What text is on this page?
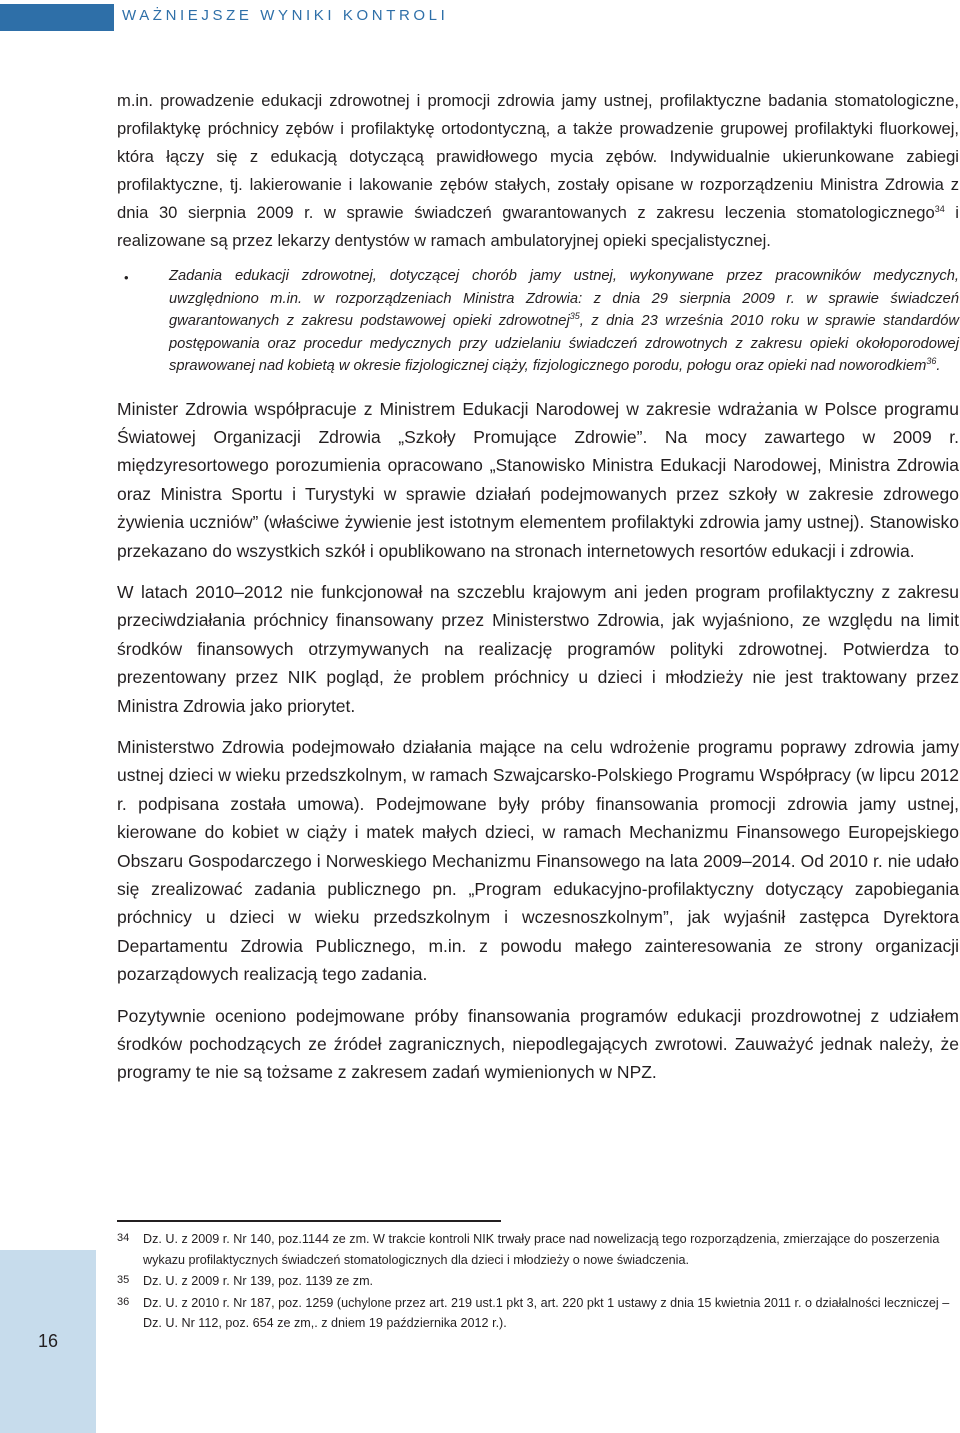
WAŻNIEJSZE WYNIKI KONTROLI

m.in. prowadzenie edukacji zdrowotnej i promocji zdrowia jamy ustnej, profilaktyczne badania stomatologiczne, profilaktykę próchnicy zębów i profilaktykę ortodontyczną, a także prowadzenie grupowej profilaktyki fluorkowej, która łączy się z edukacją dotyczącą prawidłowego mycia zębów. Indywidualnie ukierunkowane zabiegi profilaktyczne, tj. lakierowanie i lakowanie zębów stałych, zostały opisane w rozporządzeniu Ministra Zdrowia z dnia 30 sierpnia 2009 r. w sprawie świadczeń gwarantowanych z zakresu leczenia stomatologicznego$^{34}$ i realizowane są przez lekarzy dentystów w ramach ambulatoryjnej opieki specjalistycznej.

•	Zadania edukacji zdrowotnej, dotyczącej chorób jamy ustnej, wykonywane przez pracowników medycznych, uwzględniono m.in. w rozporządzeniach Ministra Zdrowia: z dnia 29 sierpnia 2009 r. w sprawie świadczeń gwarantowanych z zakresu podstawowej opieki zdrowotnej$^{35}$, z dnia 23 września 2010 roku w sprawie standardów postępowania oraz procedur medycznych przy udzielaniu świadczeń zdrowotnych z zakresu opieki okołoporodowej sprawowanej nad kobietą w okresie fizjologicznej ciąży, fizjologicznego porodu, połogu oraz opieki nad noworodkiem$^{36}$.

Minister Zdrowia współpracuje z Ministrem Edukacji Narodowej w zakresie wdrażania w Polsce programu Światowej Organizacji Zdrowia „Szkoły Promujące Zdrowie”. Na mocy zawartego w 2009 r. międzyresortowego porozumienia opracowano „Stanowisko Ministra Edukacji Narodowej, Ministra Zdrowia oraz Ministra Sportu i Turystyki w sprawie działań podejmowanych przez szkoły w zakresie zdrowego żywienia uczniów” (właściwe żywienie jest istotnym elementem profilaktyki zdrowia jamy ustnej). Stanowisko przekazano do wszystkich szkół i opublikowano na stronach internetowych resortów edukacji i zdrowia.

W latach 2010‒2012 nie funkcjonował na szczeblu krajowym ani jeden program profilaktyczny z zakresu przeciwdziałania próchnicy finansowany przez Ministerstwo Zdrowia, jak wyjaśniono, ze względu na limit środków finansowych otrzymywanych na realizację programów polityki zdrowotnej. Potwierdza to prezentowany przez NIK pogląd, że problem próchnicy u dzieci i młodzieży nie jest traktowany przez Ministra Zdrowia jako priorytet.

Ministerstwo Zdrowia podejmowało działania mające na celu wdrożenie programu poprawy zdrowia jamy ustnej dzieci w wieku przedszkolnym, w ramach Szwajcarsko-Polskiego Programu Współpracy (w lipcu 2012 r. podpisana została umowa). Podejmowane były próby finansowania promocji zdrowia jamy ustnej, kierowane do kobiet w ciąży i matek małych dzieci, w ramach Mechanizmu Finansowego Europejskiego Obszaru Gospodarczego i Norweskiego Mechanizmu Finansowego na lata 2009‒2014. Od 2010 r. nie udało się zrealizować zadania publicznego pn. „Program edukacyjno-profilaktyczny dotyczący zapobiegania próchnicy u dzieci w wieku przedszkolnym i wczesnoszkolnym”, jak wyjaśnił zastępca Dyrektora Departamentu Zdrowia Publicznego, m.in. z powodu małego zainteresowania ze strony organizacji pozarządowych realizacją tego zadania.

Pozytywnie oceniono podejmowane próby finansowania programów edukacji prozdrowotnej z udziałem środków pochodzących ze źródeł zagranicznych, niepodlegających zwrotowi. Zauważyć jednak należy, że programy te nie są tożsame z zakresem zadań wymienionych w NPZ.

34 Dz. U. z 2009 r. Nr 140, poz.1144 ze zm. W trakcie kontroli NIK trwały prace nad nowelizacją tego rozporządzenia, zmierzające do poszerzenia wykazu profilaktycznych świadczeń stomatologicznych dla dzieci i młodzieży o nowe świadczenia.
35 Dz. U. z 2009 r. Nr 139, poz. 1139 ze zm.
36 Dz. U. z 2010 r. Nr 187, poz. 1259 (uchylone przez art. 219 ust.1 pkt 3, art. 220 pkt 1 ustawy z dnia 15 kwietnia 2011 r. o działalności leczniczej ‒ Dz. U. Nr 112, poz. 654 ze zm,. z dniem 19 października 2012 r.).
16
